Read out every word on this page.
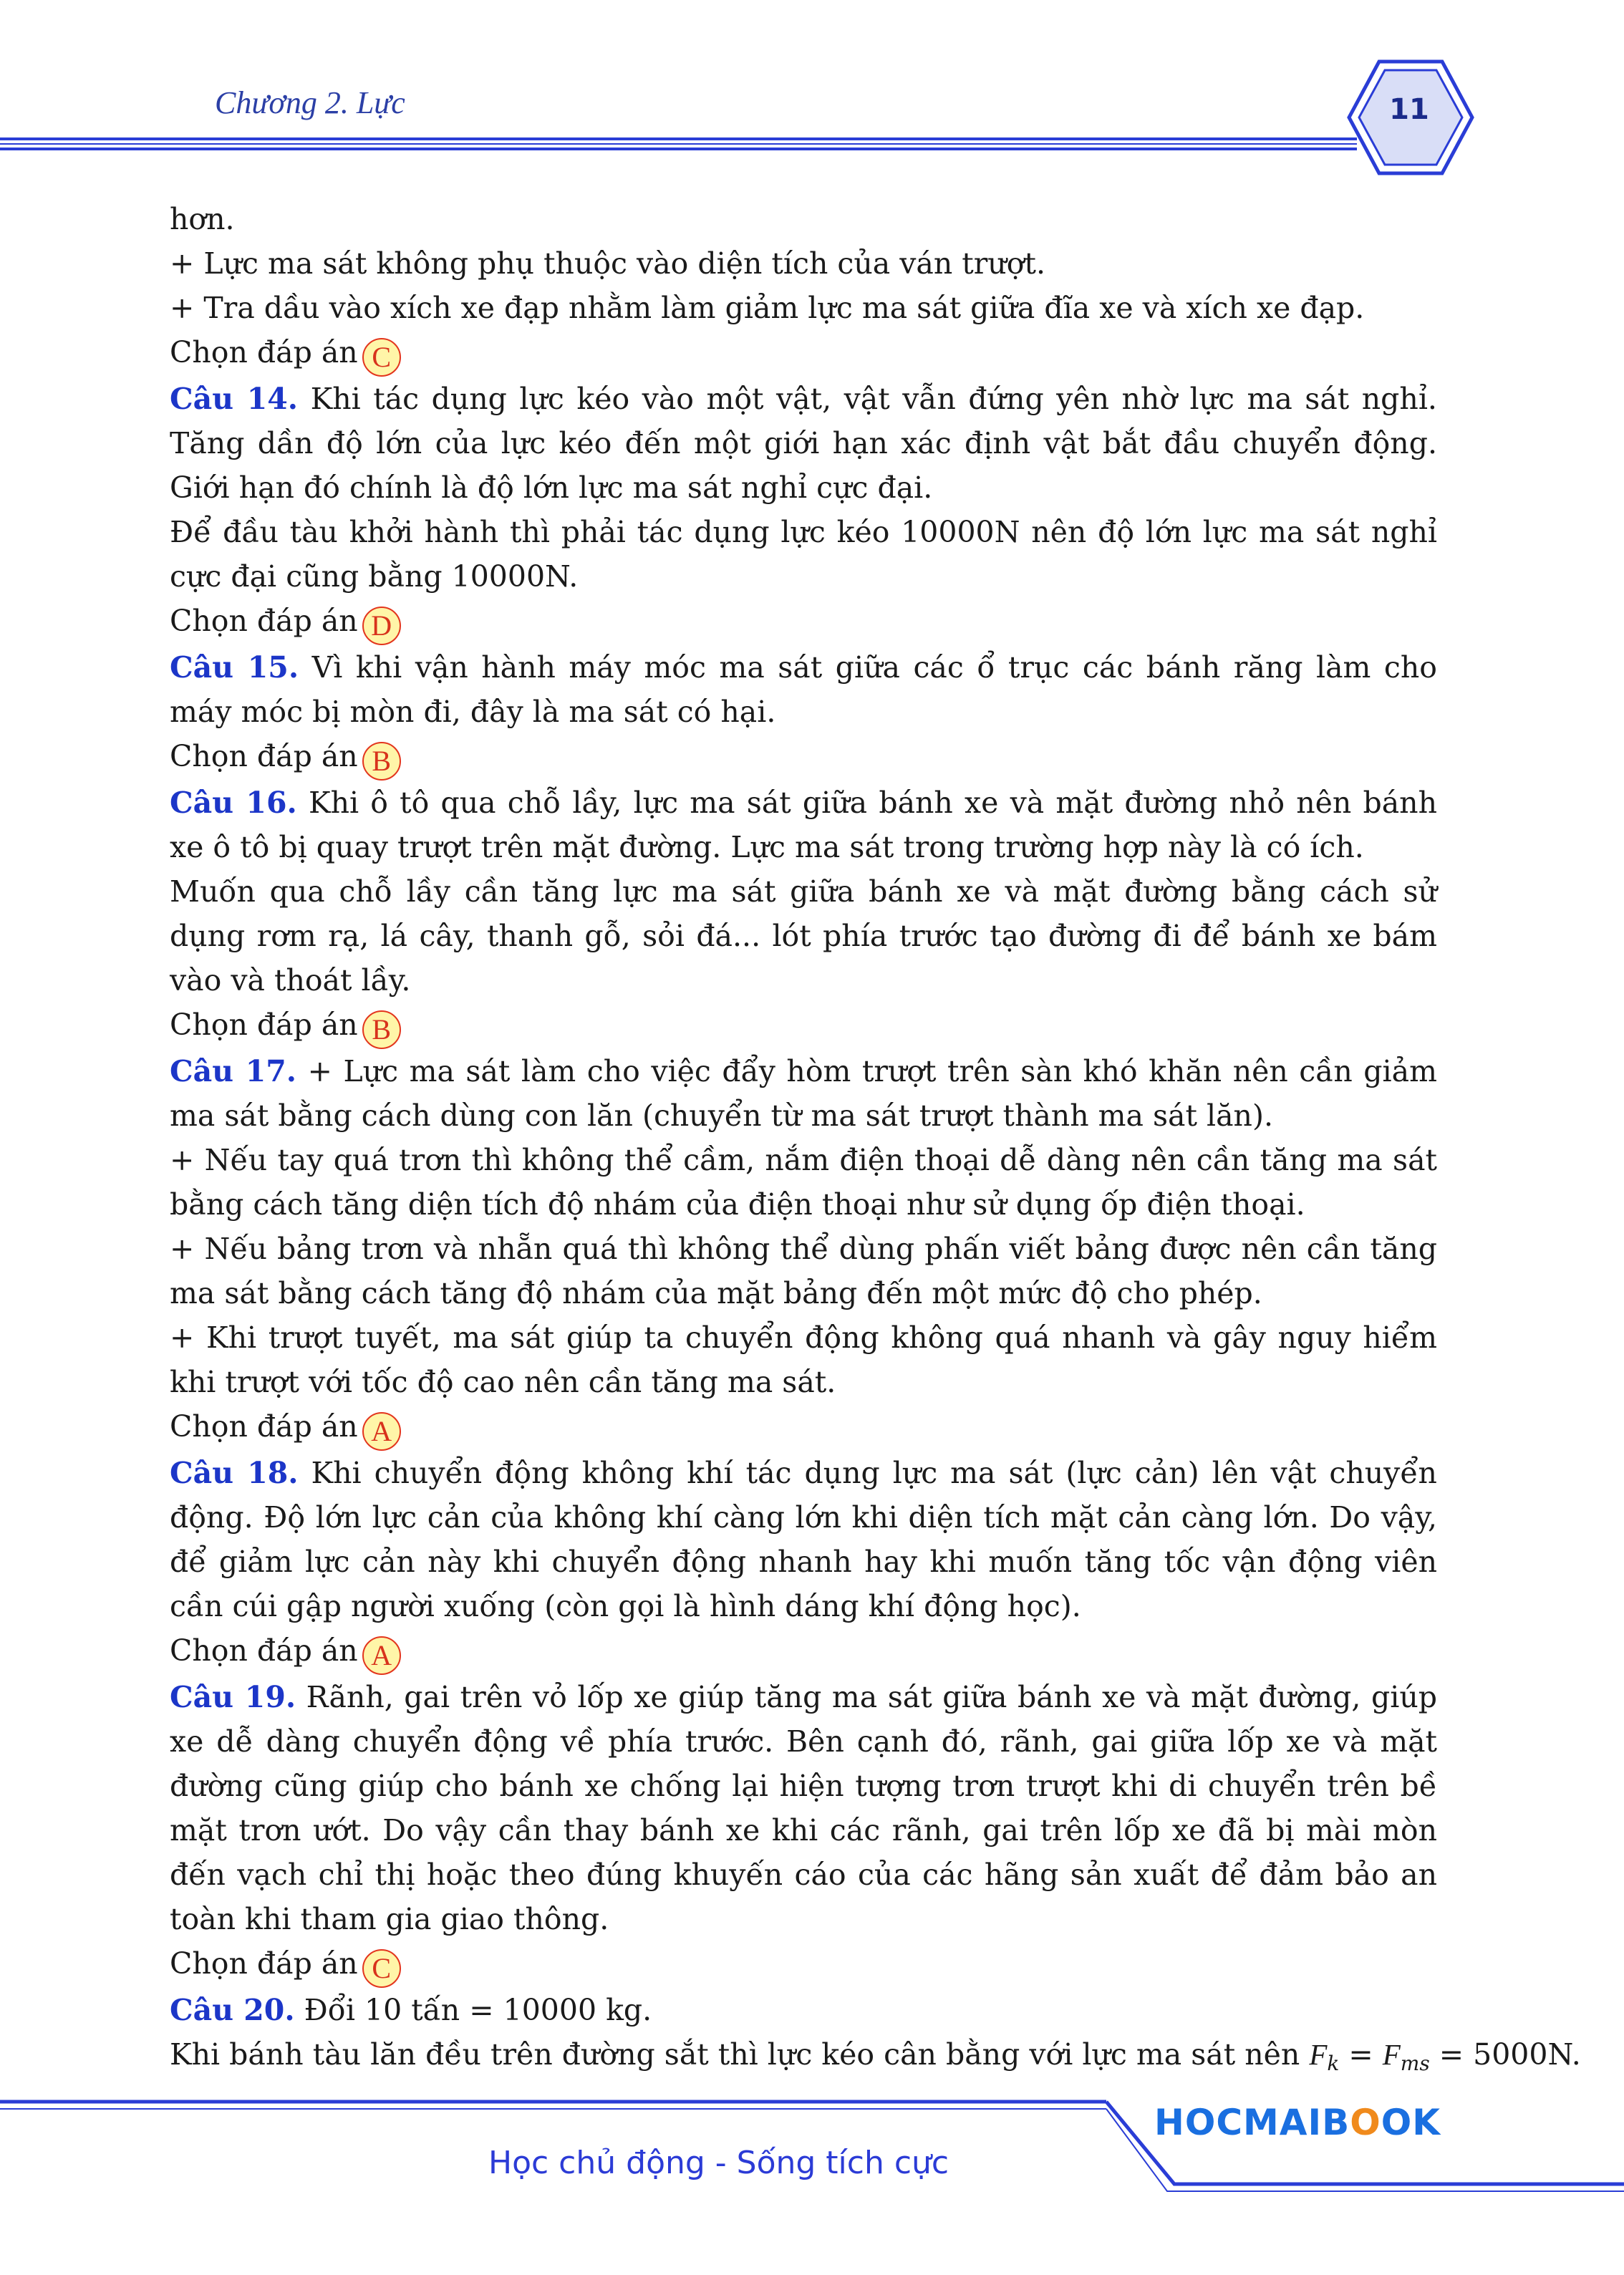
Chương 2. Lực	11

hơn.

+ Lực ma sát không phụ thuộc vào diện tích của ván trượt.

+ Tra dầu vào xích xe đạp nhằm làm giảm lực ma sát giữa đĩa xe và xích xe đạp.

Chọn đáp án C

Câu 14. Khi tác dụng lực kéo vào một vật, vật vẫn đứng yên nhờ lực ma sát nghỉ. Tăng dần độ lớn của lực kéo đến một giới hạn xác định vật bắt đầu chuyển động. Giới hạn đó chính là độ lớn lực ma sát nghỉ cực đại.

Để đầu tàu khởi hành thì phải tác dụng lực kéo 10000N nên độ lớn lực ma sát nghỉ cực đại cũng bằng 10000N.

Chọn đáp án D

Câu 15. Vì khi vận hành máy móc ma sát giữa các ổ trục các bánh răng làm cho máy móc bị mòn đi, đây là ma sát có hại.

Chọn đáp án B

Câu 16. Khi ô tô qua chỗ lầy, lực ma sát giữa bánh xe và mặt đường nhỏ nên bánh xe ô tô bị quay trượt trên mặt đường. Lực ma sát trong trường hợp này là có ích.

Muốn qua chỗ lầy cần tăng lực ma sát giữa bánh xe và mặt đường bằng cách sử dụng rơm rạ, lá cây, thanh gỗ, sỏi đá... lót phía trước tạo đường đi để bánh xe bám vào và thoát lầy.

Chọn đáp án B

Câu 17. + Lực ma sát làm cho việc đẩy hòm trượt trên sàn khó khăn nên cần giảm ma sát bằng cách dùng con lăn (chuyển từ ma sát trượt thành ma sát lăn).

+ Nếu tay quá trơn thì không thể cầm, nắm điện thoại dễ dàng nên cần tăng ma sát bằng cách tăng diện tích độ nhám của điện thoại như sử dụng ốp điện thoại.

+ Nếu bảng trơn và nhẵn quá thì không thể dùng phấn viết bảng được nên cần tăng ma sát bằng cách tăng độ nhám của mặt bảng đến một mức độ cho phép.

+ Khi trượt tuyết, ma sát giúp ta chuyển động không quá nhanh và gây nguy hiểm khi trượt với tốc độ cao nên cần tăng ma sát.

Chọn đáp án A

Câu 18. Khi chuyển động không khí tác dụng lực ma sát (lực cản) lên vật chuyển động. Độ lớn lực cản của không khí càng lớn khi diện tích mặt cản càng lớn. Do vậy, để giảm lực cản này khi chuyển động nhanh hay khi muốn tăng tốc vận động viên cần cúi gập người xuống (còn gọi là hình dáng khí động học).

Chọn đáp án A

Câu 19. Rãnh, gai trên vỏ lốp xe giúp tăng ma sát giữa bánh xe và mặt đường, giúp xe dễ dàng chuyển động về phía trước. Bên cạnh đó, rãnh, gai giữa lốp xe và mặt đường cũng giúp cho bánh xe chống lại hiện tượng trơn trượt khi di chuyển trên bề mặt trơn ướt. Do vậy cần thay bánh xe khi các rãnh, gai trên lốp xe đã bị mài mòn đến vạch chỉ thị hoặc theo đúng khuyến cáo của các hãng sản xuất để đảm bảo an toàn khi tham gia giao thông.

Chọn đáp án C

Câu 20. Đổi 10 tấn = 10000 kg.

Khi bánh tàu lăn đều trên đường sắt thì lực kéo cân bằng với lực ma sát nên $F_k = F_{ms} = 5000N$.

HOCMAIBOOK
Học chủ động - Sống tích cực
